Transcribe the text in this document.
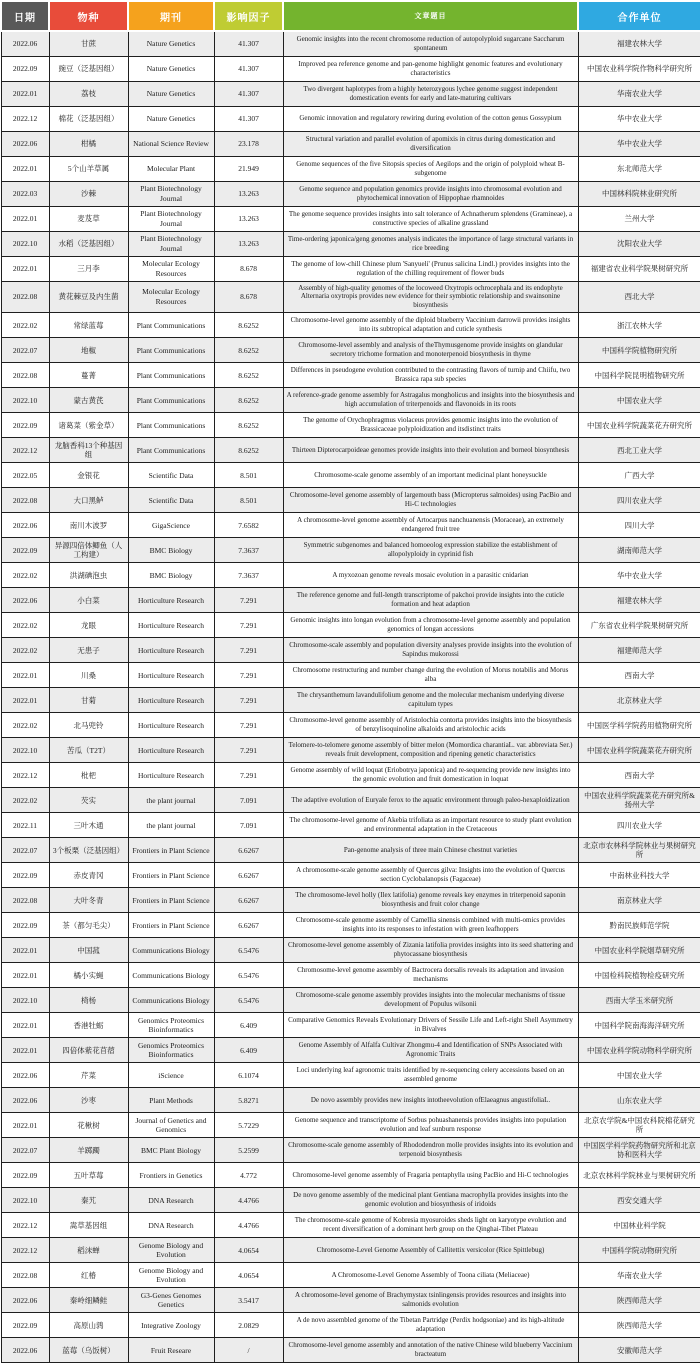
日期	物种	期刊	影响因子	文章题目	合作单位
2022.06	甘蔗	Nature Genetics	41.307	Genomic insights into the recent chromosome reduction of autopolyploid sugarcane Saccharum spontaneum	福建农林大学
2022.09	豌豆（泛基因组）	Nature Genetics	41.307	Improved pea reference genome and pan-genome highlight genomic features and evolutionary characteristics	中国农业科学院作物科学研究所
2022.01	荔枝	Nature Genetics	41.307	Two divergent haplotypes from a highly heterozygous lychee genome suggest independent domestication events for early and late-maturing cultivars	华南农业大学
2022.12	棉花（泛基因组）	Nature Genetics	41.307	Genomic innovation and regulatory rewiring during evolution of the cotton genus Gossypium	华中农业大学
2022.06	柑橘	National Science Review	23.178	Structural variation and parallel evolution of apomixis in citrus during domestication and diversification	华中农业大学
2022.01	5个山羊草属	Molecular Plant	21.949	Genome sequences of the five Sitopsis species of Aegilops and the origin of polyploid wheat B-subgenome	东北师范大学
2022.03	沙棘	Plant Biotechnology Journal	13.263	Genome sequence and population genomics provide insights into chromosomal evolution and phytochemical innovation of Hippophae rhamnoides	中国林科院林业研究所
2022.01	麦芨草	Plant Biotechnology Journal	13.263	The genome sequence provides insights into salt tolerance of Achnatherum splendens (Gramineae), a constructive species of alkaline grassland	兰州大学
2022.10	水稻（泛基因组）	Plant Biotechnology Journal	13.263	Time-ordering japonica/geng genomes analysis indicates the importance of large structural variants in rice breeding	沈阳农业大学
2022.01	三月李	Molecular Ecology Resources	8.678	The genome of low-chill Chinese plum 'Sanyueli' (Prunus salicina Lindl.) provides insights into the regulation of the chilling requirement of flower buds	福建省农业科学院果树研究所
2022.08	黄花棘豆及内生菌	Molecular Ecology Resources	8.678	Assembly of high-quality genomes of the locoweed Oxytropis ochrocephala and its endophyte Alternaria oxytropis provides new evidence for their symbiotic relationship and swainsonine biosynthesis	西北大学
2022.02	常绿蓝莓	Plant Communications	8.6252	Chromosome-level genome assembly of the diploid blueberry Vaccinium darrowii provides insights into its subtropical adaptation and cuticle synthesis	浙江农林大学
2022.07	地椒	Plant Communications	8.6252	Chromosome-level assembly and analysis of theThymusgenome provide insights on glandular secretory trichome formation and monoterpenoid biosynthesis in thyme	中国科学院植物研究所
2022.08	蔓菁	Plant Communications	8.6252	Differences in pseudogene evolution contributed to the contrasting flavors of turnip and Chiifu, two Brassica rapa sub species	中国科学院昆明植物研究所
2022.10	蒙古黄芪	Plant Communications	8.6252	A reference-grade genome assembly for Astragalus mongholicus and insights into the biosynthesis and high accumulation of triterpenoids and flavonoids in its roots	中国农业大学
2022.09	诸葛菜（紫金草）	Plant Communications	8.6252	The genome of Orychophragmus violaceus provides genomic insights into the evolution of Brassicaceae polyploidization and itsdistinct traits	中国农业科学院蔬菜花卉研究所
2022.12	龙脑香科13个种基因组	Plant Communications	8.6252	Thirteen Dipterocarpoideae genomes provide insights into their evolution and borneol biosynthesis	西北工业大学
2022.05	金银花	Scientific Data	8.501	Chromosome-scale genome assembly of an important medicinal plant honeysuckle	广西大学
2022.08	大口黑鲈	Scientific Data	8.501	Chromosome-level genome assembly of largemouth bass (Micropterus salmoides) using PacBio and Hi-C technologies	四川农业大学
2022.06	南川木波罗	GigaScience	7.6582	A chromosome-level genome assembly of Artocarpus nanchuanensis (Moraceae), an extremely endangered fruit tree	四川大学
2022.09	异源四倍体鲫鱼（人工构建）	BMC Biology	7.3637	Symmetric subgenomes and balanced homoeolog expression stabilize the establishment of allopolyploidy in cyprinid fish	湖南师范大学
2022.02	洪湖碘泡虫	BMC Biology	7.3637	A myxozoan genome reveals mosaic evolution in a parasitic cnidarian	华中农业大学
2022.06	小白菜	Horticulture Research	7.291	The reference genome and full-length transcriptome of pakchoi provide insights into the cuticle formation and heat adaption	福建农林大学
2022.02	龙眼	Horticulture Research	7.291	Genomic insights into longan evolution from a chromosome-level genome assembly and population genomics of longan accessions	广东省农业科学院果树研究所
2022.02	无患子	Horticulture Research	7.291	Chromosome-scale assembly and population diversity analyses provide insights into the evolution of Sapindus mukorossi	福建师范大学
2022.01	川桑	Horticulture Research	7.291	Chromosome restructuring and number change during the evolution of Morus notabilis and Morus alba	西南大学
2022.01	甘菊	Horticulture Research	7.291	The chrysanthemum lavandulifolium genome and the molecular mechanism underlying diverse capitulum types	北京林业大学
2022.02	北马兜铃	Horticulture Research	7.291	Chromosome-level genome assembly of Aristolochia contorta provides insights into the biosynthesis of benzylisoquinoline alkaloids and aristolochic acids	中国医学科学院药用植物研究所
2022.10	苦瓜（T2T）	Horticulture Research	7.291	Telomere-to-telomere genome assembly of bitter melon (Momordica charantiaL. var. abbreviata Ser.) reveals fruit development, composition and ripening genetic characteristics	中国农业科学院蔬菜花卉研究所
2022.12	枇杷	Horticulture Research	7.291	Genome assembly of wild loquat (Eriobotrya japonica) and re-sequencing provide new insights into the genomic evolution and fruit domestication in loquat	西南大学
2022.02	芡实	the plant journal	7.091	The adaptive evolution of Euryale ferox to the aquatic environment through paleo-hexaploidization	中国农业科学院蔬菜花卉研究所&扬州大学
2022.11	三叶木通	the plant journal	7.091	The chromosome-level genome of Akebia trifoliata as an important resource to study plant evolution and environmental adaptation in the Cretaceous	四川农业大学
2022.07	3个板栗（泛基因组）	Frontiers in Plant Science	6.6267	Pan-genome analysis of three main Chinese chestnut varieties	北京市农林科学院林业与果树研究所
2022.09	赤皮青冈	Frontiers in Plant Science	6.6267	A chromosome-scale genome assembly of Quercus gilva: Insights into the evolution of Quercus section Cyclobalanopsis (Fagaceae)	中南林业科技大学
2022.08	大叶冬青	Frontiers in Plant Science	6.6267	The chromosome-level holly (Ilex latifolia) genome reveals key enzymes in triterpenoid saponin biosynthesis and fruit color change	南京林业大学
2022.09	茶（都匀毛尖）	Frontiers in Plant Science	6.6267	Chromosome-scale genome assembly of Camellia sinensis combined with multi-omics provides insights into its responses to infestation with green leafhoppers	黔南民族师范学院
2022.01	中国菰	Communications Biology	6.5476	Chromosome-level genome assembly of Zizania latifolia provides insights into its seed shattering and phytocassane biosynthesis	中国农业科学院烟草研究所
2022.01	橘小实蝇	Communications Biology	6.5476	Chromosome-level genome assembly of Bactrocera dorsalis reveals its adaptation and invasion mechanisms	中国检科院植物检疫研究所
2022.10	椅杨	Communications Biology	6.5476	Chromosome-scale genome assembly provides insights into the molecular mechanisms of tissue development of Populus wilsonii	西南大学玉米研究所
2022.01	香港牡蛎	Genomics Proteomics Bioinformatics	6.409	Comparative Genomics Reveals Evolutionary Drivers of Sessile Life and Left-right Shell Asymmetry in Bivalves	中国科学院南海海洋研究所
2022.01	四倍体紫花苜蓿	Genomics Proteomics Bioinformatics	6.409	Genome Assembly of Alfalfa Cultivar Zhongmu-4 and Identification of SNPs Associated with Agronomic Traits	中国农业科学院动物科学研究所
2022.06	芹菜	iScience	6.1074	Loci underlying leaf agronomic traits identified by re-sequencing celery accessions based on an assembled genome	中国农业大学
2022.06	沙枣	Plant Methods	5.8271	De novo assembly provides new insights intotheevolution ofElaeagnus angustifoliaL.	山东农业大学
2022.01	花楸树	Journal of Genetics and Genomics	5.7229	Genome sequence and transcriptome of Sorbus pohuashanensis provides insights into population evolution and leaf sunburn response	北京农学院&中国农科院棉花研究所
2022.07	羊踯躅	BMC Plant Biology	5.2599	Chromosome-scale genome assembly of Rhododendron molle provides insights into its evolution and terpenoid biosynthesis	中国医学科学院药物研究所和北京协和医科大学
2022.09	五叶草莓	Frontiers in Genetics	4.772	Chromosome-level genome assembly of Fragaria pentaphylla using PacBio and Hi-C technologies	北京农林科学院林业与果树研究所
2022.10	秦艽	DNA Research	4.4766	De novo genome assembly of the medicinal plant Gentiana macrophylla provides insights into the genomic evolution and biosynthesis of iridoids	西安交通大学
2022.12	嵩草基因组	DNA Research	4.4766	The chromosome-scale genome of Kobresia myosuroides sheds light on karyotype evolution and recent diversification of a dominant herb group on the Qinghai-Tibet Plateau	中国林业科学院
2022.12	稻沫蝉	Genome Biology and Evolution	4.0654	Chromosome-Level Genome Assembly of Callitettix versicolor (Rice Spittlebug)	中国科学院动物研究所
2022.08	红椿	Genome Biology and Evolution	4.0654	A Chromosome-Level Genome Assembly of Toona ciliata (Meliaceae)	华南农业大学
2022.06	秦岭细鳞鲑	G3-Genes Genomes Genetics	3.5417	A chromosome-level genome of Brachymystax tsinlingensis provides resources and insights into salmonids evolution	陕西师范大学
2022.09	高原山鹑	Integrative Zoology	2.0829	A de novo assembled genome of the Tibetan Partridge (Perdix hodgsoniae) and its high-altitude adaptation	陕西师范大学
2022.06	蓝莓（乌饭树）	Fruit Researe	/	Chromosome-level genome assembly and annotation of the native Chinese wild blueberry Vaccinium bracteatum	安徽师范大学
